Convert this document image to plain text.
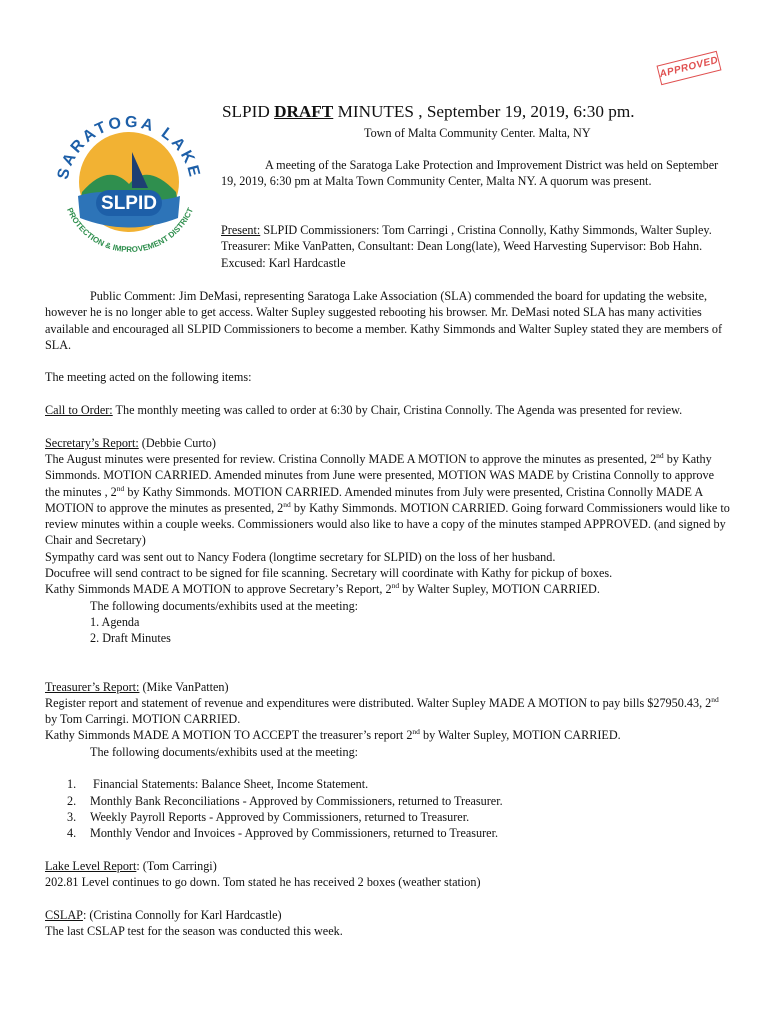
APPROVED
SLPID
SARATOGA LAKE
PROTECTION & IMPROVEMENT DISTRICT
SLPID DRAFT MINUTES , September 19, 2019, 6:30 pm.
Town of Malta Community Center. Malta, NY
A meeting of the Saratoga Lake Protection and Improvement District was held on September 19, 2019, 6:30 pm at Malta Town Community Center, Malta NY. A quorum was present.
Present: SLPID Commissioners: Tom Carringi , Cristina Connolly, Kathy Simmonds, Walter Supley. Treasurer: Mike VanPatten, Consultant: Dean Long(late), Weed Harvesting Supervisor: Bob Hahn. Excused: Karl Hardcastle

Public Comment: Jim DeMasi, representing Saratoga Lake Association (SLA) commended the board for updating the website, however he is no longer able to get access. Walter Supley suggested rebooting his browser. Mr. DeMasi noted SLA has many activities available and encouraged all SLPID Commissioners to become a member. Kathy Simmonds and Walter Supley stated they are members of SLA.

The meeting acted on the following items:

Call to Order: The monthly meeting was called to order at 6:30 by Chair, Cristina Connolly. The Agenda was presented for review.

Secretary’s Report: (Debbie Curto)

The August minutes were presented for review. Cristina Connolly MADE A MOTION to approve the minutes as presented, 2nd by Kathy Simmonds. MOTION CARRIED. Amended minutes from June were presented, MOTION WAS MADE by Cristina Connolly to approve the minutes , 2nd by Kathy Simmonds. MOTION CARRIED. Amended minutes from July were presented, Cristina Connolly MADE A MOTION to approve the minutes as presented, 2nd by Kathy Simmonds. MOTION CARRIED. Going forward Commissioners would like to review minutes within a couple weeks. Commissioners would also like to have a copy of the minutes stamped APPROVED. (and signed by Chair and Secretary)

Sympathy card was sent out to Nancy Fodera (longtime secretary for SLPID) on the loss of her husband.

Docufree will send contract to be signed for file scanning. Secretary will coordinate with Kathy for pickup of boxes.

Kathy Simmonds MADE A MOTION to approve Secretary’s Report, 2nd by Walter Supley, MOTION CARRIED.

The following documents/exhibits used at the meeting:

1. Agenda

2. Draft Minutes

Treasurer’s Report: (Mike VanPatten)

Register report and statement of revenue and expenditures were distributed. Walter Supley MADE A MOTION to pay bills $27950.43, 2nd by Tom Carringi. MOTION CARRIED.

Kathy Simmonds MADE A MOTION TO ACCEPT the treasurer’s report 2nd by Walter Supley, MOTION CARRIED.

The following documents/exhibits used at the meeting:

1. Financial Statements: Balance Sheet, Income Statement.

2. Monthly Bank Reconciliations - Approved by Commissioners, returned to Treasurer.

3. Weekly Payroll Reports - Approved by Commissioners, returned to Treasurer.

4. Monthly Vendor and Invoices - Approved by Commissioners, returned to Treasurer.

Lake Level Report: (Tom Carringi)

202.81 Level continues to go down. Tom stated he has received 2 boxes (weather station)

CSLAP: (Cristina Connolly for Karl Hardcastle)

The last CSLAP test for the season was conducted this week.
